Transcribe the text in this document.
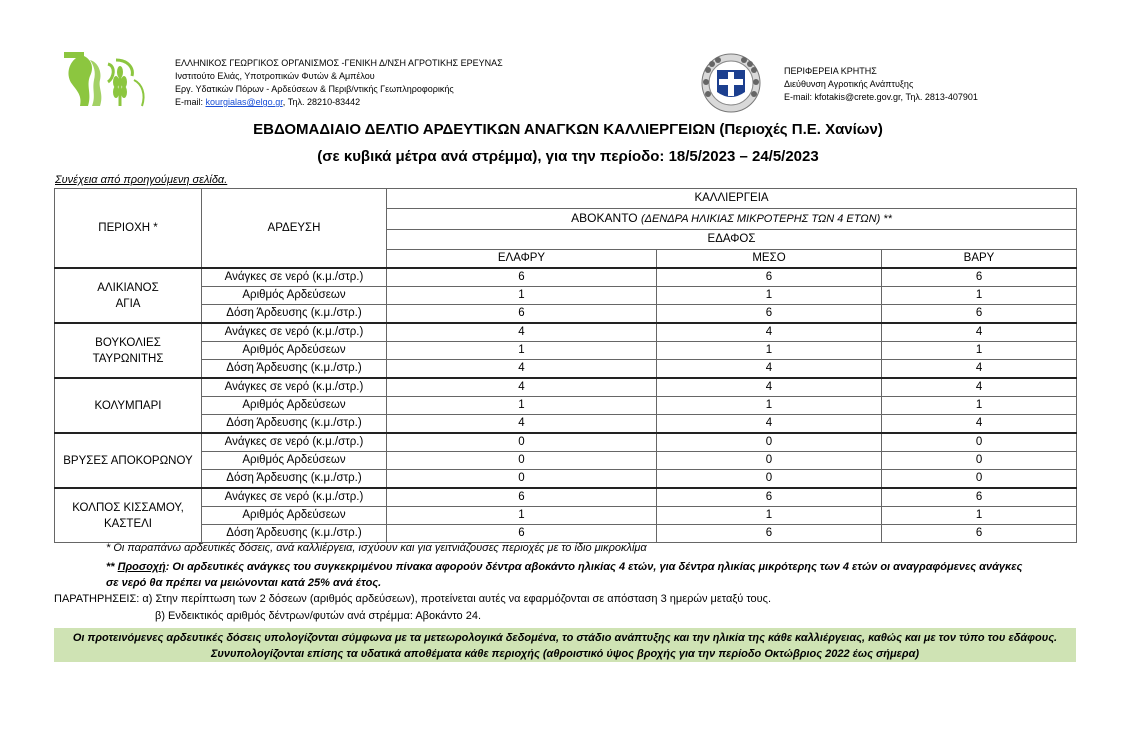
ΕΛΛΗΝΙΚΟΣ ΓΕΩΡΓΙΚΟΣ ΟΡΓΑΝΙΣΜΟΣ -ΓΕΝΙΚΗ Δ/ΝΣΗ ΑΓΡΟΤΙΚΗΣ ΕΡΕΥΝΑΣ
Ινστιτούτο Ελιάς, Υποτροπικών Φυτών & Αμπέλου
Εργ. Υδατικών Πόρων - Αρδεύσεων & Περιβ/ντικής Γεωπληροφορικής
E-mail: kourgialas@elgo.gr, Τηλ. 28210-83442
ΠΕΡΙΦΕΡΕΙΑ ΚΡΗΤΗΣ
Διεύθυνση Αγροτικής Ανάπτυξης
E-mail: kfotakis@crete.gov.gr, Τηλ. 2813-407901
ΕΒΔΟΜΑΔΙΑΙΟ ΔΕΛΤΙΟ ΑΡΔΕΥΤΙΚΩΝ ΑΝΑΓΚΩΝ ΚΑΛΛΙΕΡΓΕΙΩΝ (Περιοχές Π.Ε. Χανίων)
(σε κυβικά μέτρα ανά στρέμμα), για την περίοδο: 18/5/2023 – 24/5/2023
Συνέχεια από προηγούμενη σελίδα.
ΠΕΡΙΟΧΗ *	ΑΡΔΕΥΣΗ	ΚΑΛΛΙΕΡΓΕΙΑ		
		ΑΒΟΚΑΝΤΟ (ΔΕΝΔΡΑ ΗΛΙΚΙΑΣ ΜΙΚΡΟΤΕΡΗΣ ΤΩΝ 4 ΕΤΩΝ) **		
		ΕΔΑΦΟΣ		
		ΕΛΑΦΡΥ	ΜΕΣΟ	ΒΑΡΥ

ΑΛΙΚΙΑΝΟΣ
ΑΓΙΑ	Ανάγκες σε νερό (κ.μ./στρ.)	6	6	6
	Αριθμός Αρδεύσεων	1	1	1
	Δόση Άρδευσης (κ.μ./στρ.)	6	6	6

ΒΟΥΚΟΛΙΕΣ
ΤΑΥΡΩΝΙΤΗΣ	Ανάγκες σε νερό (κ.μ./στρ.)	4	4	4
	Αριθμός Αρδεύσεων	1	1	1
	Δόση Άρδευσης (κ.μ./στρ.)	4	4	4

ΚΟΛΥΜΠΑΡΙ	Ανάγκες σε νερό (κ.μ./στρ.)	4	4	4
	Αριθμός Αρδεύσεων	1	1	1
	Δόση Άρδευσης (κ.μ./στρ.)	4	4	4

ΒΡΥΣΕΣ ΑΠΟΚΟΡΩΝΟΥ	Ανάγκες σε νερό (κ.μ./στρ.)	0	0	0
	Αριθμός Αρδεύσεων	0	0	0
	Δόση Άρδευσης (κ.μ./στρ.)	0	0	0

ΚΟΛΠΟΣ ΚΙΣΣΑΜΟΥ,
ΚΑΣΤΕΛΙ	Ανάγκες σε νερό (κ.μ./στρ.)	6	6	6
	Αριθμός Αρδεύσεων	1	1	1
	Δόση Άρδευσης (κ.μ./στρ.)	6	6	6
* Οι παραπάνω αρδευτικές δόσεις, ανά καλλιέργεια, ισχύουν και για γειτνιάζουσες περιοχές με το ίδιο μικροκλίμα
** Προσοχή: Οι αρδευτικές ανάγκες του συγκεκριμένου πίνακα αφορούν δέντρα αβοκάντο ηλικίας 4 ετών, για δέντρα ηλικίας μικρότερης των 4 ετών οι αναγραφόμενες ανάγκες σε νερό θα πρέπει να μειώνονται κατά 25% ανά έτος.
ΠΑΡΑΤΗΡΗΣΕΙΣ: α) Στην περίπτωση των 2 δόσεων (αριθμός αρδεύσεων), προτείνεται αυτές να εφαρμόζονται σε απόσταση 3 ημερών μεταξύ τους.
β) Ενδεικτικός αριθμός δέντρων/φυτών ανά στρέμμα: Αβοκάντο 24.
Οι προτεινόμενες αρδευτικές δόσεις υπολογίζονται σύμφωνα με τα μετεωρολογικά δεδομένα, το στάδιο ανάπτυξης και την ηλικία της κάθε καλλιέργειας, καθώς και με τον τύπο του εδάφους. Συνυπολογίζονται επίσης τα υδατικά αποθέματα κάθε περιοχής (αθροιστικό ύψος βροχής για την περίοδο Οκτώβριος 2022 έως σήμερα)
